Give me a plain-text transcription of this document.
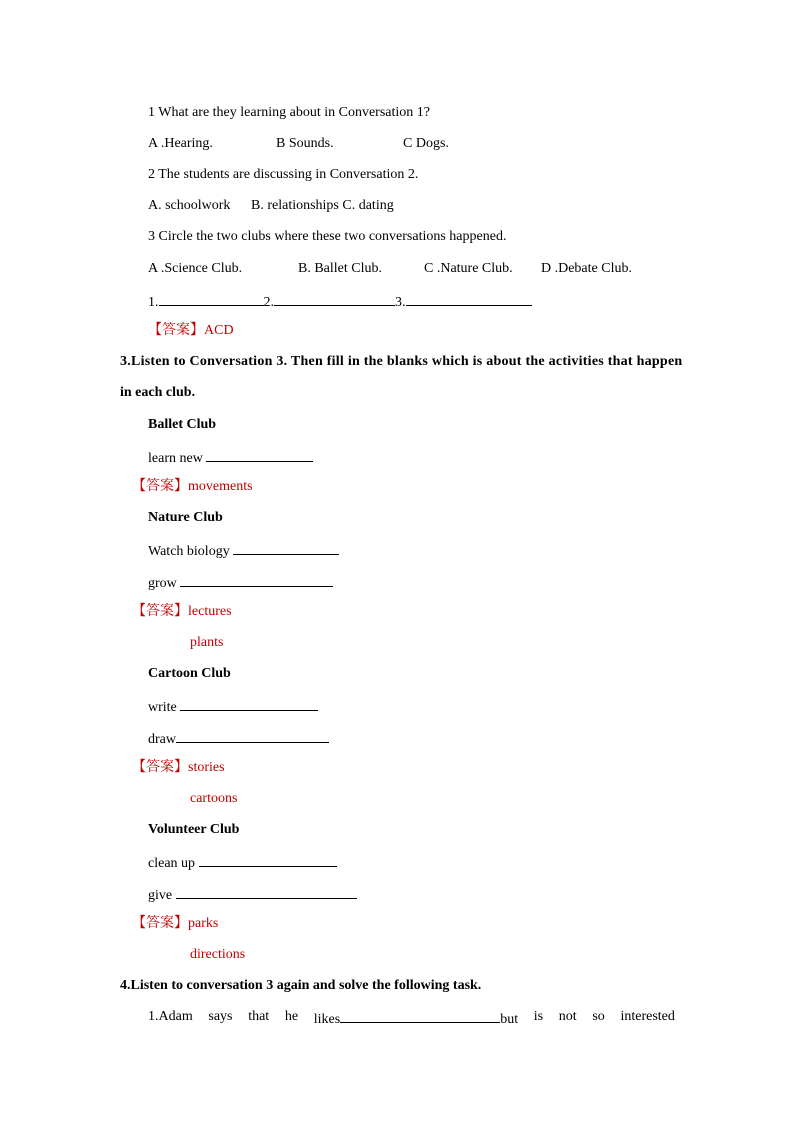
1 What are they learning about in Conversation 1?
A .Hearing.	B Sounds.	C Dogs.
2 The students are discussing in Conversation 2.
A. schoolwork B. relationships C. dating
3 Circle the two clubs where these two conversations happened.
A .Science Club.	B. Ballet Club.	C .Nature Club. D .Debate Club.
1.	2.	3.
【答案】ACD
3.Listen to Conversation 3. Then fill in the blanks which is about the activities that happen
in each club.
Ballet Club
learn new
【答案】movements
Nature Club
Watch biology
grow
【答案】lectures
plants
Cartoon Club
write
draw
【答案】stories
cartoons
Volunteer Club
clean up
give
【答案】parks
directions
4.Listen to conversation 3 again and solve the following task.
1.Adam says that he likes	but is not so interested
